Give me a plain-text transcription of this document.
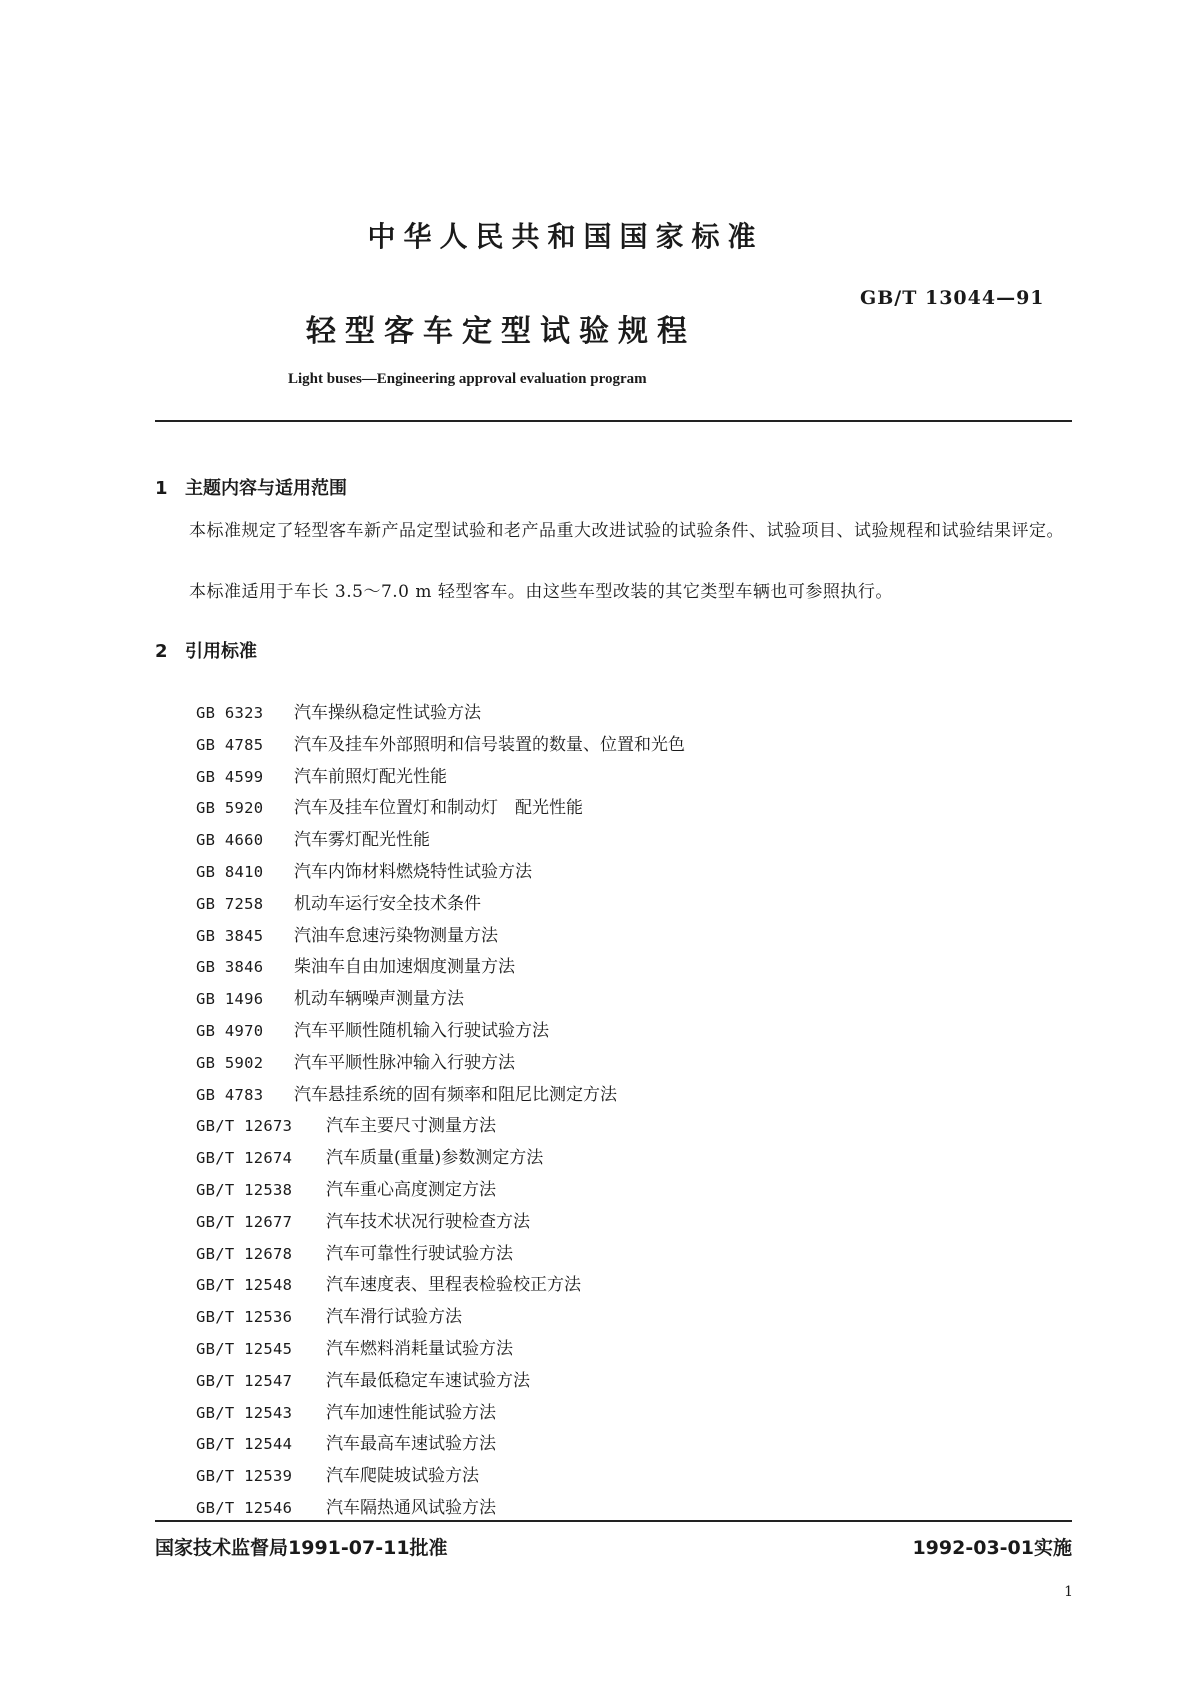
中华人民共和国国家标准
GB/T 13044—91
轻型客车定型试验规程
Light buses—Engineering approval evaluation program
1 主题内容与适用范围
本标准规定了轻型客车新产品定型试验和老产品重大改进试验的试验条件、试验项目、试验规程和试验结果评定。
本标准适用于车长 3.5～7.0 m 轻型客车。由这些车型改装的其它类型车辆也可参照执行。
2 引用标准
GB 6323 汽车操纵稳定性试验方法
GB 4785 汽车及挂车外部照明和信号装置的数量、位置和光色
GB 4599 汽车前照灯配光性能
GB 5920 汽车及挂车位置灯和制动灯　配光性能
GB 4660 汽车雾灯配光性能
GB 8410 汽车内饰材料燃烧特性试验方法
GB 7258 机动车运行安全技术条件
GB 3845 汽油车怠速污染物测量方法
GB 3846 柴油车自由加速烟度测量方法
GB 1496 机动车辆噪声测量方法
GB 4970 汽车平顺性随机输入行驶试验方法
GB 5902 汽车平顺性脉冲输入行驶方法
GB 4783 汽车悬挂系统的固有频率和阻尼比测定方法
GB/T 12673 汽车主要尺寸测量方法
GB/T 12674 汽车质量(重量)参数测定方法
GB/T 12538 汽车重心高度测定方法
GB/T 12677 汽车技术状况行驶检查方法
GB/T 12678 汽车可靠性行驶试验方法
GB/T 12548 汽车速度表、里程表检验校正方法
GB/T 12536 汽车滑行试验方法
GB/T 12545 汽车燃料消耗量试验方法
GB/T 12547 汽车最低稳定车速试验方法
GB/T 12543 汽车加速性能试验方法
GB/T 12544 汽车最高车速试验方法
GB/T 12539 汽车爬陡坡试验方法
GB/T 12546 汽车隔热通风试验方法
国家技术监督局1991-07-11批准	1992-03-01实施
1
